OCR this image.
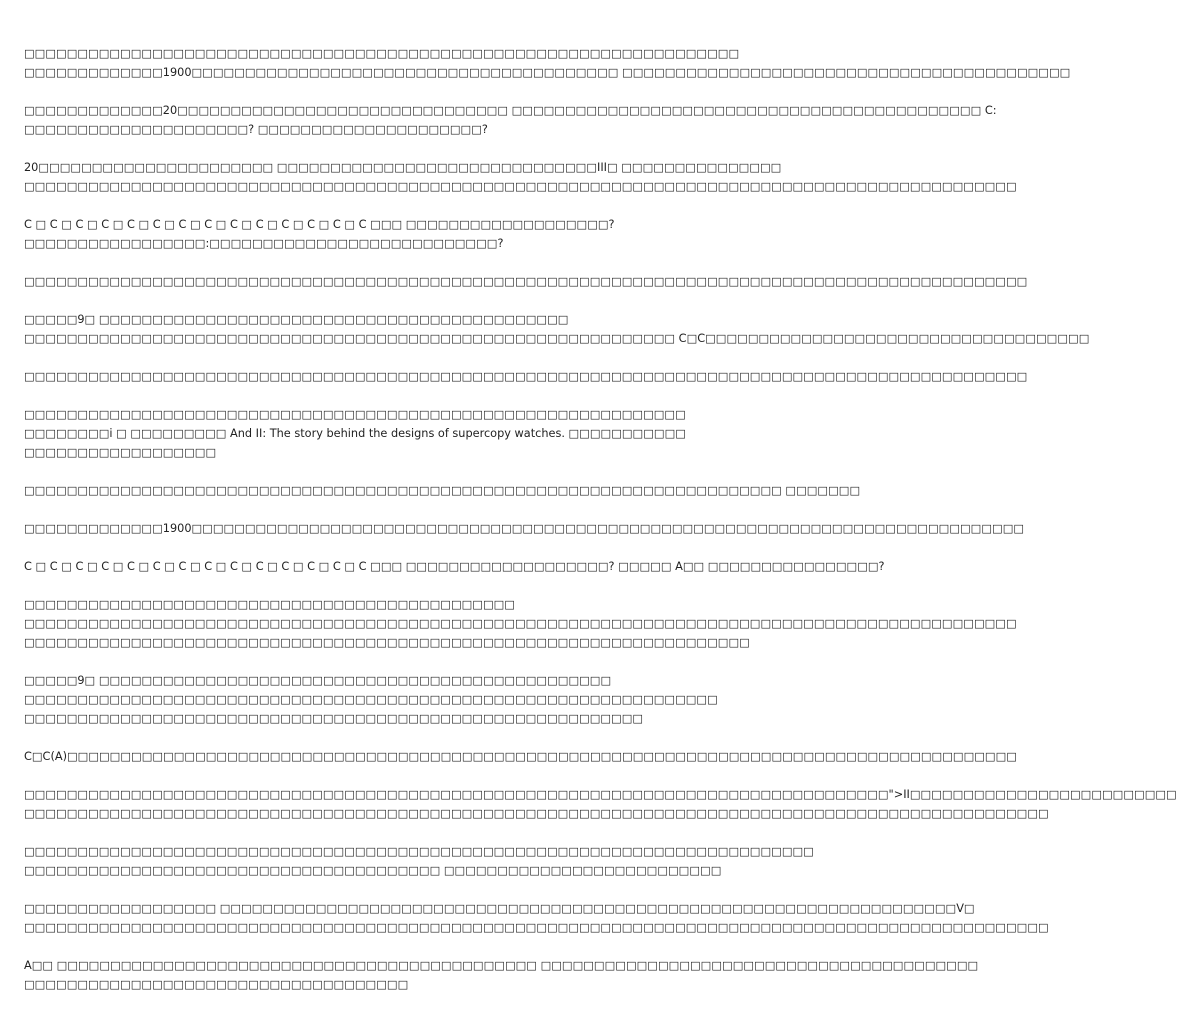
□□□□□□□□□□□□□□□□□□□□□□□□□□□□□□□□□□□□□□□□□□□□□□□□□□□□□□□□□□□□□□□□□□□
□□□□□□□□□□□□□1900□□□□□□□□□□□□□□□□□□□□□□□□□□□□□□□□□□□□□□□□ □□□□□□□□□□□□□□□□□□□□□□□□□□□□□□□□□□□□□□□□□□
□□□□□□□□□□□□□20□□□□□□□□□□□□□□□□□□□□□□□□□□□□□□□ □□□□□□□□□□□□□□□□□□□□□□□□□□□□□□□□□□□□□□□□□□□□ C:
□□□□□□□□□□□□□□□□□□□□□? □□□□□□□□□□□□□□□□□□□□□?
20□□□□□□□□□□□□□□□□□□□□□□ □□□□□□□□□□□□□□□□□□□□□□□□□□□□□□III□ □□□□□□□□□□□□□□□
□□□□□□□□□□□□□□□□□□□□□□□□□□□□□□□□□□□□□□□□□□□□□□□□□□□□□□□□□□□□□□□□□□□□□□□□□□□□□□□□□□□□□□□□□□□□□
C □ C □ C □ C □ C □ C □ C □ C □ C □ C □ C □ C □ C □ C □□□ □□□□□□□□□□□□□□□□□□□?
□□□□□□□□□□□□□□□□□:□□□□□□□□□□□□□□□□□□□□□□□□□□□?
□□□□□□□□□□□□□□□□□□□□□□□□□□□□□□□□□□□□□□□□□□□□□□□□□□□□□□□□□□□□□□□□□□□□□□□□□□□□□□□□□□□□□□□□□□□□□□
□□□□□9□ □□□□□□□□□□□□□□□□□□□□□□□□□□□□□□□□□□□□□□□□□□□□
□□□□□□□□□□□□□□□□□□□□□□□□□□□□□□□□□□□□□□□□□□□□□□□□□□□□□□□□□□□□□ C□C□□□□□□□□□□□□□□□□□□□□□□□□□□□□□□□□□□□□
□□□□□□□□□□□□□□□□□□□□□□□□□□□□□□□□□□□□□□□□□□□□□□□□□□□□□□□□□□□□□□□□□□□□□□□□□□□□□□□□□□□□□□□□□□□□□□
□□□□□□□□□□□□□□□□□□□□□□□□□□□□□□□□□□□□□□□□□□□□□□□□□□□□□□□□□□□□□□□□□□□□□□i □ □□□□□□□□□ And II: The story behind the designs of supercopy watches. □□□□□□□□□□□□□□□□□□□□□□□□□□□□□
□□□□□□□□□□□□□□□□□□□□□□□□□□□□□□□□□□□□□□□□□□□□□□□□□□□□□□□□□□□□□□□□□□□□□□□ □□□□□□□
□□□□□□□□□□□□□1900□□□□□□□□□□□□□□□□□□□□□□□□□□□□□□□□□□□□□□□□□□□□□□□□□□□□□□□□□□□□□□□□□□□□□□□□□□□□□□
C □ C □ C □ C □ C □ C □ C □ C □ C □ C □ C □ C □ C □ C □□□ □□□□□□□□□□□□□□□□□□□? □□□□□ A□□ □□□□□□□□□□□□□□□□?
□□□□□□□□□□□□□□□□□□□□□□□□□□□□□□□□□□□□□□□□□□□□□□
□□□□□□□□□□□□□□□□□□□□□□□□□□□□□□□□□□□□□□□□□□□□□□□□□□□□□□□□□□□□□□□□□□□□□□□□□□□□□□□□□□□□□□□□□□□□□
□□□□□□□□□□□□□□□□□□□□□□□□□□□□□□□□□□□□□□□□□□□□□□□□□□□□□□□□□□□□□□□□□□□□
□□□□□9□ □□□□□□□□□□□□□□□□□□□□□□□□□□□□□□□□□□□□□□□□□□□□□□□□
□□□□□□□□□□□□□□□□□□□□□□□□□□□□□□□□□□□□□□□□□□□□□□□□□□□□□□□□□□□□□□□□□
□□□□□□□□□□□□□□□□□□□□□□□□□□□□□□□□□□□□□□□□□□□□□□□□□□□□□□□□□□
C□C(A)□□□□□□□□□□□□□□□□□□□□□□□□□□□□□□□□□□□□□□□□□□□□□□□□□□□□□□□□□□□□□□□□□□□□□□□□□□□□□□□□□□□□□□□□□
□□□□□□□□□□□□□□□□□□□□□□□□□□□□□□□□□□□□□□□□□□□□□□□□□□□□□□□□□□□□□□□□□□□□□□□□□□□□□□□□□">II□□□□□□□□□□□□□□□□□□□□□□□□□
□□□□□□□□□□□□□□□□□□□□□□□□□□□□□□□□□□□□□□□□□□□□□□□□□□□□□□□□□□□□□□□□□□□□□□□□□□□□□□□□□□□□□□□□□□□□□□□□
□□□□□□□□□□□□□□□□□□□□□□□□□□□□□□□□□□□□□□□□□□□□□□□□□□□□□□□□□□□□□□□□□□□□□□□□□□
□□□□□□□□□□□□□□□□□□□□□□□□□□□□□□□□□□□□□□□ □□□□□□□□□□□□□□□□□□□□□□□□□□
□□□□□□□□□□□□□□□□□□ □□□□□□□□□□□□□□□□□□□□□□□□□□□□□□□□□□□□□□□□□□□□□□□□□□□□□□□□□□□□□□□□□□□□□V□
□□□□□□□□□□□□□□□□□□□□□□□□□□□□□□□□□□□□□□□□□□□□□□□□□□□□□□□□□□□□□□□□□□□□□□□□□□□□□□□□□□□□□□□□□□□□□□□□
A□□ □□□□□□□□□□□□□□□□□□□□□□□□□□□□□□□□□□□□□□□□□□□□□ □□□□□□□□□□□□□□□□□□□□□□□□□□□□□□□□□□□□□□□□□
□□□□□□□□□□□□□□□□□□□□□□□□□□□□□□□□□□□□
